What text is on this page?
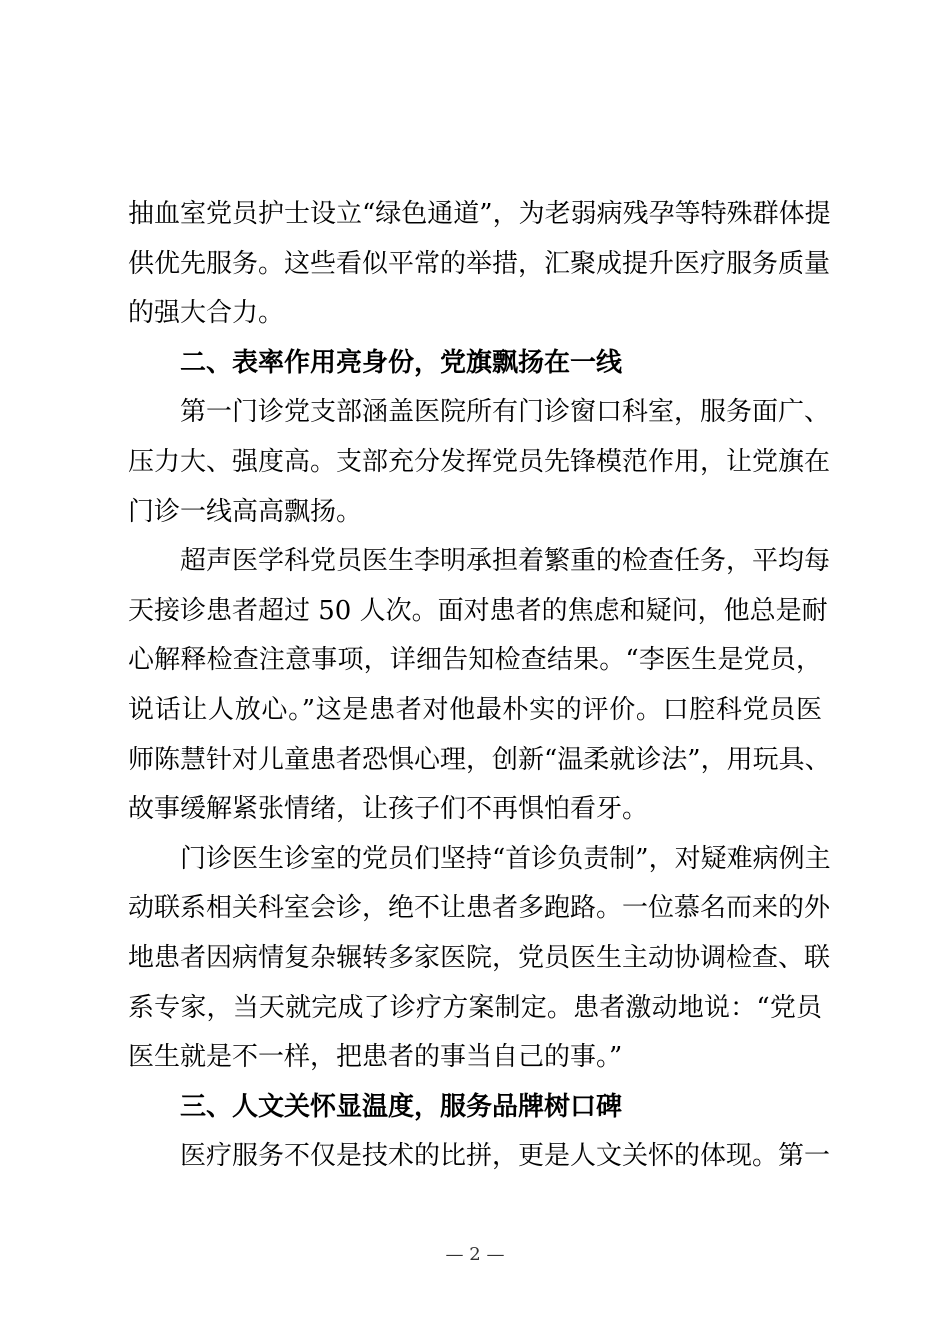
抽血室党员护士设立“绿色通道”，为老弱病残孕等特殊群体提
供优先服务。这些看似平常的举措，汇聚成提升医疗服务质量
的强大合力。
二、表率作用亮身份，党旗飘扬在一线
第一门诊党支部涵盖医院所有门诊窗口科室，服务面广、
压力大、强度高。支部充分发挥党员先锋模范作用，让党旗在
门诊一线高高飘扬。
超声医学科党员医生李明承担着繁重的检查任务，平均每
天接诊患者超过 50 人次。面对患者的焦虑和疑问，他总是耐
心解释检查注意事项，详细告知检查结果。“李医生是党员，
说话让人放心。”这是患者对他最朴实的评价。口腔科党员医
师陈慧针对儿童患者恐惧心理，创新“温柔就诊法”，用玩具、
故事缓解紧张情绪，让孩子们不再惧怕看牙。
门诊医生诊室的党员们坚持“首诊负责制”，对疑难病例主
动联系相关科室会诊，绝不让患者多跑路。一位慕名而来的外
地患者因病情复杂辗转多家医院，党员医生主动协调检查、联
系专家，当天就完成了诊疗方案制定。患者激动地说：“党员
医生就是不一样，把患者的事当自己的事。”
三、人文关怀显温度，服务品牌树口碑
医疗服务不仅是技术的比拼，更是人文关怀的体现。第一
— 2 —
